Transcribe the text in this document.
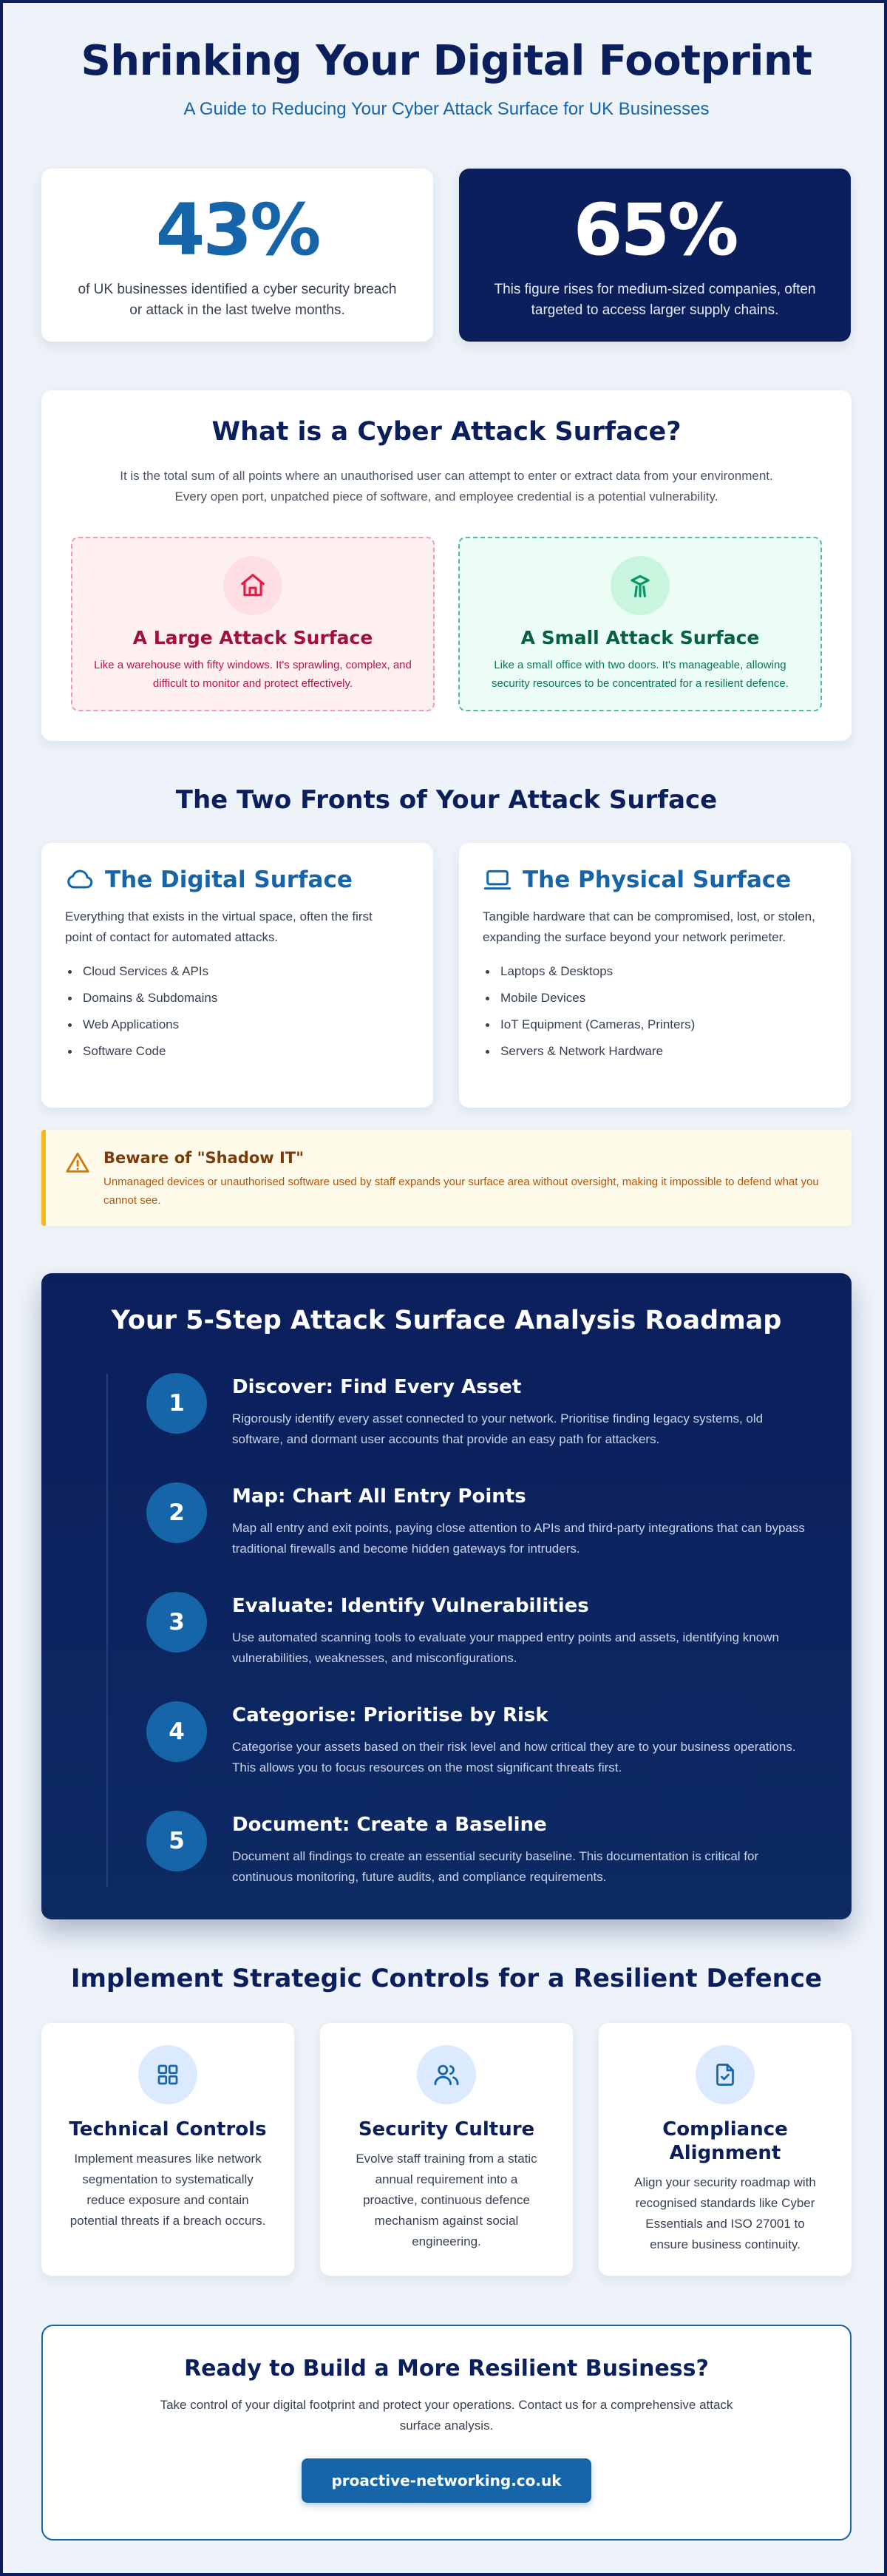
Shrinking Your Digital Footprint
A Guide to Reducing Your Cyber Attack Surface for UK Businesses
43%
of UK businesses identified a cyber security breach or attack in the last twelve months.
65%
This figure rises for medium-sized companies, often targeted to access larger supply chains.
What is a Cyber Attack Surface?

It is the total sum of all points where an unauthorised user can attempt to enter or extract data from your environment. Every open port, unpatched piece of software, and employee credential is a potential vulnerability.

A Large Attack Surface
Like a warehouse with fifty windows. It's sprawling, complex, and difficult to monitor and protect effectively.
A Small Attack Surface
Like a small office with two doors. It's manageable, allowing security resources to be concentrated for a resilient defence.
The Two Fronts of Your Attack Surface
The Digital Surface

Everything that exists in the virtual space, often the first point of contact for automated attacks.

Cloud Services & APIs
Domains & Subdomains
Web Applications
Software Code
The Physical Surface

Tangible hardware that can be compromised, lost, or stolen, expanding the surface beyond your network perimeter.

Laptops & Desktops
Mobile Devices
IoT Equipment (Cameras, Printers)
Servers & Network Hardware
Beware of "Shadow IT"
Unmanaged devices or unauthorised software used by staff expands your surface area without oversight, making it impossible to defend what you cannot see.
Your 5-Step Attack Surface Analysis Roadmap
1
Discover: Find Every Asset
Rigorously identify every asset connected to your network. Prioritise finding legacy systems, old software, and dormant user accounts that provide an easy path for attackers.
2
Map: Chart All Entry Points
Map all entry and exit points, paying close attention to APIs and third-party integrations that can bypass traditional firewalls and become hidden gateways for intruders.
3
Evaluate: Identify Vulnerabilities
Use automated scanning tools to evaluate your mapped entry points and assets, identifying known vulnerabilities, weaknesses, and misconfigurations.
4
Categorise: Prioritise by Risk
Categorise your assets based on their risk level and how critical they are to your business operations. This allows you to focus resources on the most significant threats first.
5
Document: Create a Baseline
Document all findings to create an essential security baseline. This documentation is critical for continuous monitoring, future audits, and compliance requirements.
Implement Strategic Controls for a Resilient Defence
Technical Controls
Implement measures like network segmentation to systematically reduce exposure and contain potential threats if a breach occurs.
Security Culture
Evolve staff training from a static annual requirement into a proactive, continuous defence mechanism against social engineering.
Compliance Alignment
Align your security roadmap with recognised standards like Cyber Essentials and ISO 27001 to ensure business continuity.
Ready to Build a More Resilient Business?
Take control of your digital footprint and protect your operations. Contact us for a comprehensive attack surface analysis.
proactive-networking.co.uk
